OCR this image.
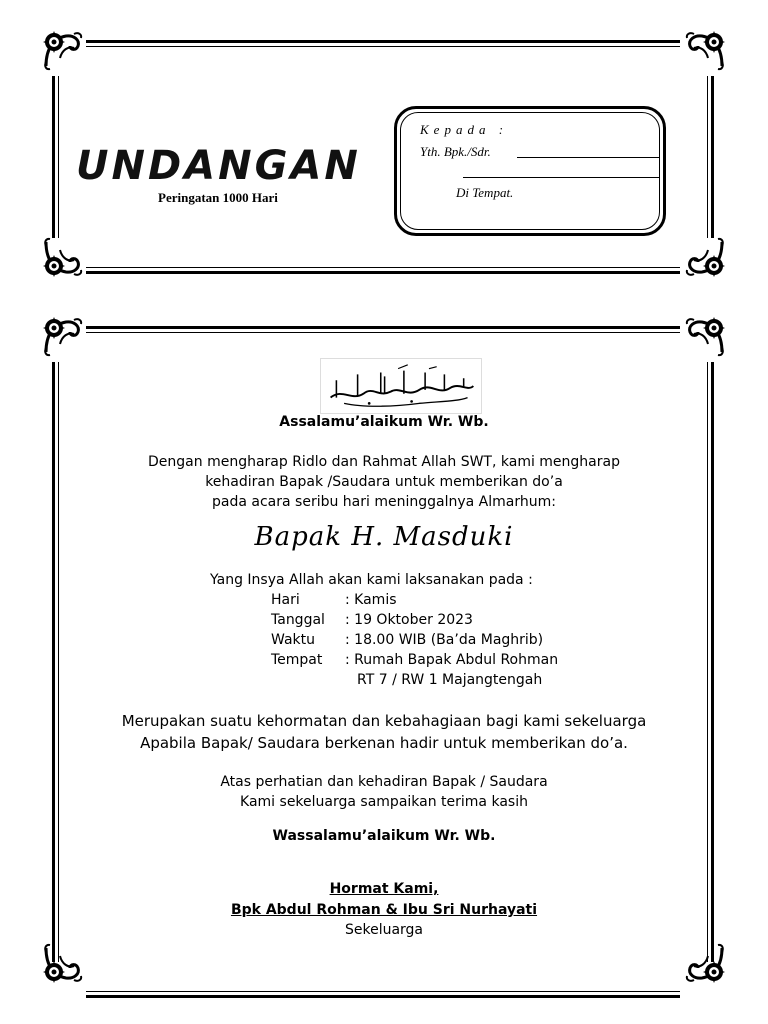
UNDANGAN
Peringatan 1000 Hari
Kepada :
Yth. Bpk./Sdr.
Di Tempat.
Assalamu’alaikum Wr. Wb.
Dengan mengharap Ridlo dan Rahmat Allah SWT, kami mengharap
kehadiran Bapak /Saudara untuk memberikan do’a
pada acara seribu hari meninggalnya Almarhum:
Bapak H. Masduki
Yang Insya Allah akan kami laksanakan pada :
Hari	: Kamis
Tanggal : 19 Oktober 2023
Waktu : 18.00 WIB (Ba’da Maghrib)
Tempat : Rumah Bapak Abdul Rohman
RT 7 / RW 1 Majangtengah
Merupakan suatu kehormatan dan kebahagiaan bagi kami sekeluarga
Apabila Bapak/ Saudara berkenan hadir untuk memberikan do’a.
Atas perhatian dan kehadiran Bapak / Saudara
Kami sekeluarga sampaikan terima kasih
Wassalamu’alaikum Wr. Wb.
Hormat Kami,
Bpk Abdul Rohman & Ibu Sri Nurhayati
Sekeluarga
